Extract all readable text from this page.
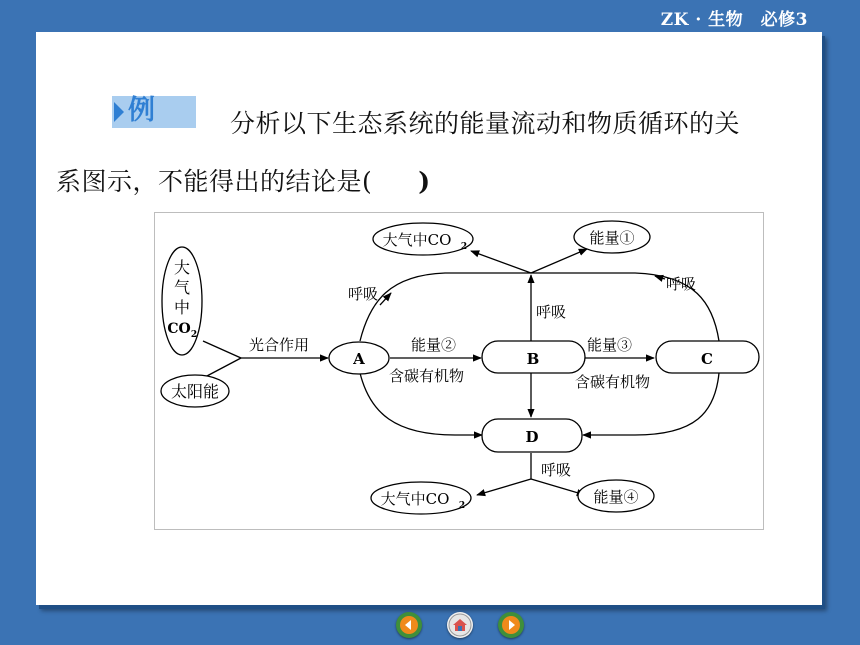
ZK · 生物　必修3
例	分析以下生态系统的能量流动和物质循环的关
系图示，不能得出的结论是( )
大
气
中
CO 2
太阳能
A	B	C
D
大气中CO 2	能量①
大气中CO 2	能量④
光合作用
呼吸
呼吸
呼吸
呼吸
能量②	能量③
含碳有机物	含碳有机物
